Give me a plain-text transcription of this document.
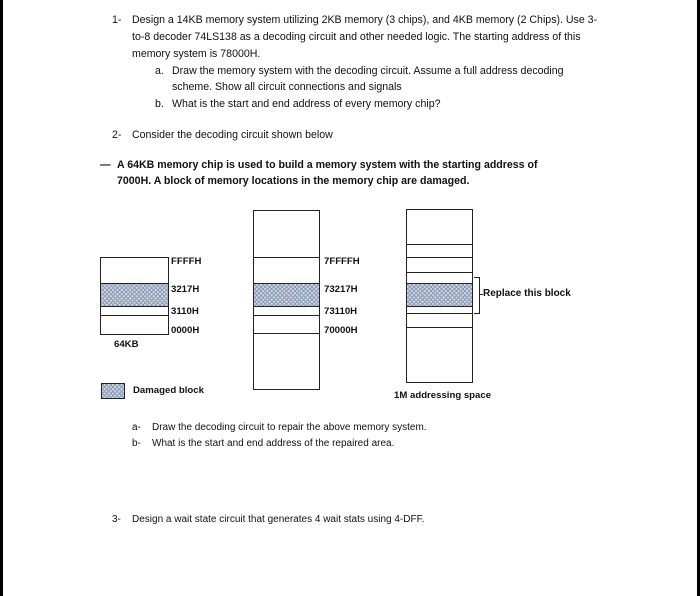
1- Design a 14KB memory system utilizing 2KB memory (3 chips), and 4KB memory (2 Chips). Use 3-
to-8 decoder 74LS138 as a decoding circuit and other needed logic. The starting address of this
memory system is 78000H.
a. Draw the memory system with the decoding circuit. Assume a full address decoding
scheme. Show all circuit connections and signals
b. What is the start and end address of every memory chip?
2- Consider the decoding circuit shown below
— A 64KB memory chip is used to build a memory system with the starting address of
7000H. A block of memory locations in the memory chip are damaged.
FFFFH
3217H
3110H
0000H
64KB
7FFFFH
73217H
73110H
70000H
Replace this block
Damaged block	1M addressing space
a- Draw the decoding circuit to repair the above memory system.
b- What is the start and end address of the repaired area.
3- Design a wait state circuit that generates 4 wait stats using 4-DFF.
